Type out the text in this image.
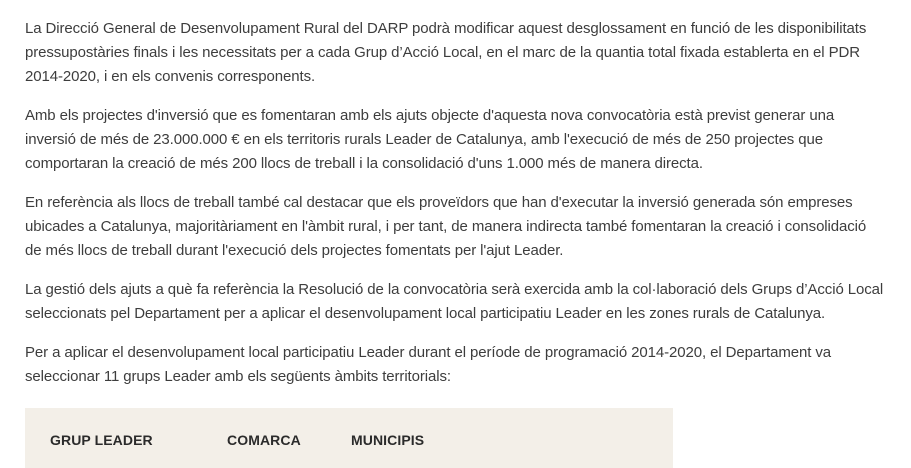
La Direcció General de Desenvolupament Rural del DARP podrà modificar aquest desglossament en funció de les disponibilitats
pressupostàries finals i les necessitats per a cada Grup d’Acció Local, en el marc de la quantia total fixada establerta en el PDR
2014-2020, i en els convenis corresponents.

Amb els projectes d'inversió que es fomentaran amb els ajuts objecte d'aquesta nova convocatòria està previst generar una
inversió de més de 23.000.000 € en els territoris rurals Leader de Catalunya, amb l'execució de més de 250 projectes que
comportaran la creació de més 200 llocs de treball i la consolidació d'uns 1.000 més de manera directa.

En referència als llocs de treball també cal destacar que els proveïdors que han d'executar la inversió generada són empreses
ubicades a Catalunya, majoritàriament en l'àmbit rural, i per tant, de manera indirecta també fomentaran la creació i consolidació
de més llocs de treball durant l'execució dels projectes fomentats per l'ajut Leader.

La gestió dels ajuts a què fa referència la Resolució de la convocatòria serà exercida amb la col·laboració dels Grups d’Acció Local
seleccionats pel Departament per a aplicar el desenvolupament local participatiu Leader en les zones rurals de Catalunya.

Per a aplicar el desenvolupament local participatiu Leader durant el període de programació 2014-2020, el Departament va
seleccionar 11 grups Leader amb els següents àmbits territorials:

GRUP LEADER	COMARCA	MUNICIPIS
